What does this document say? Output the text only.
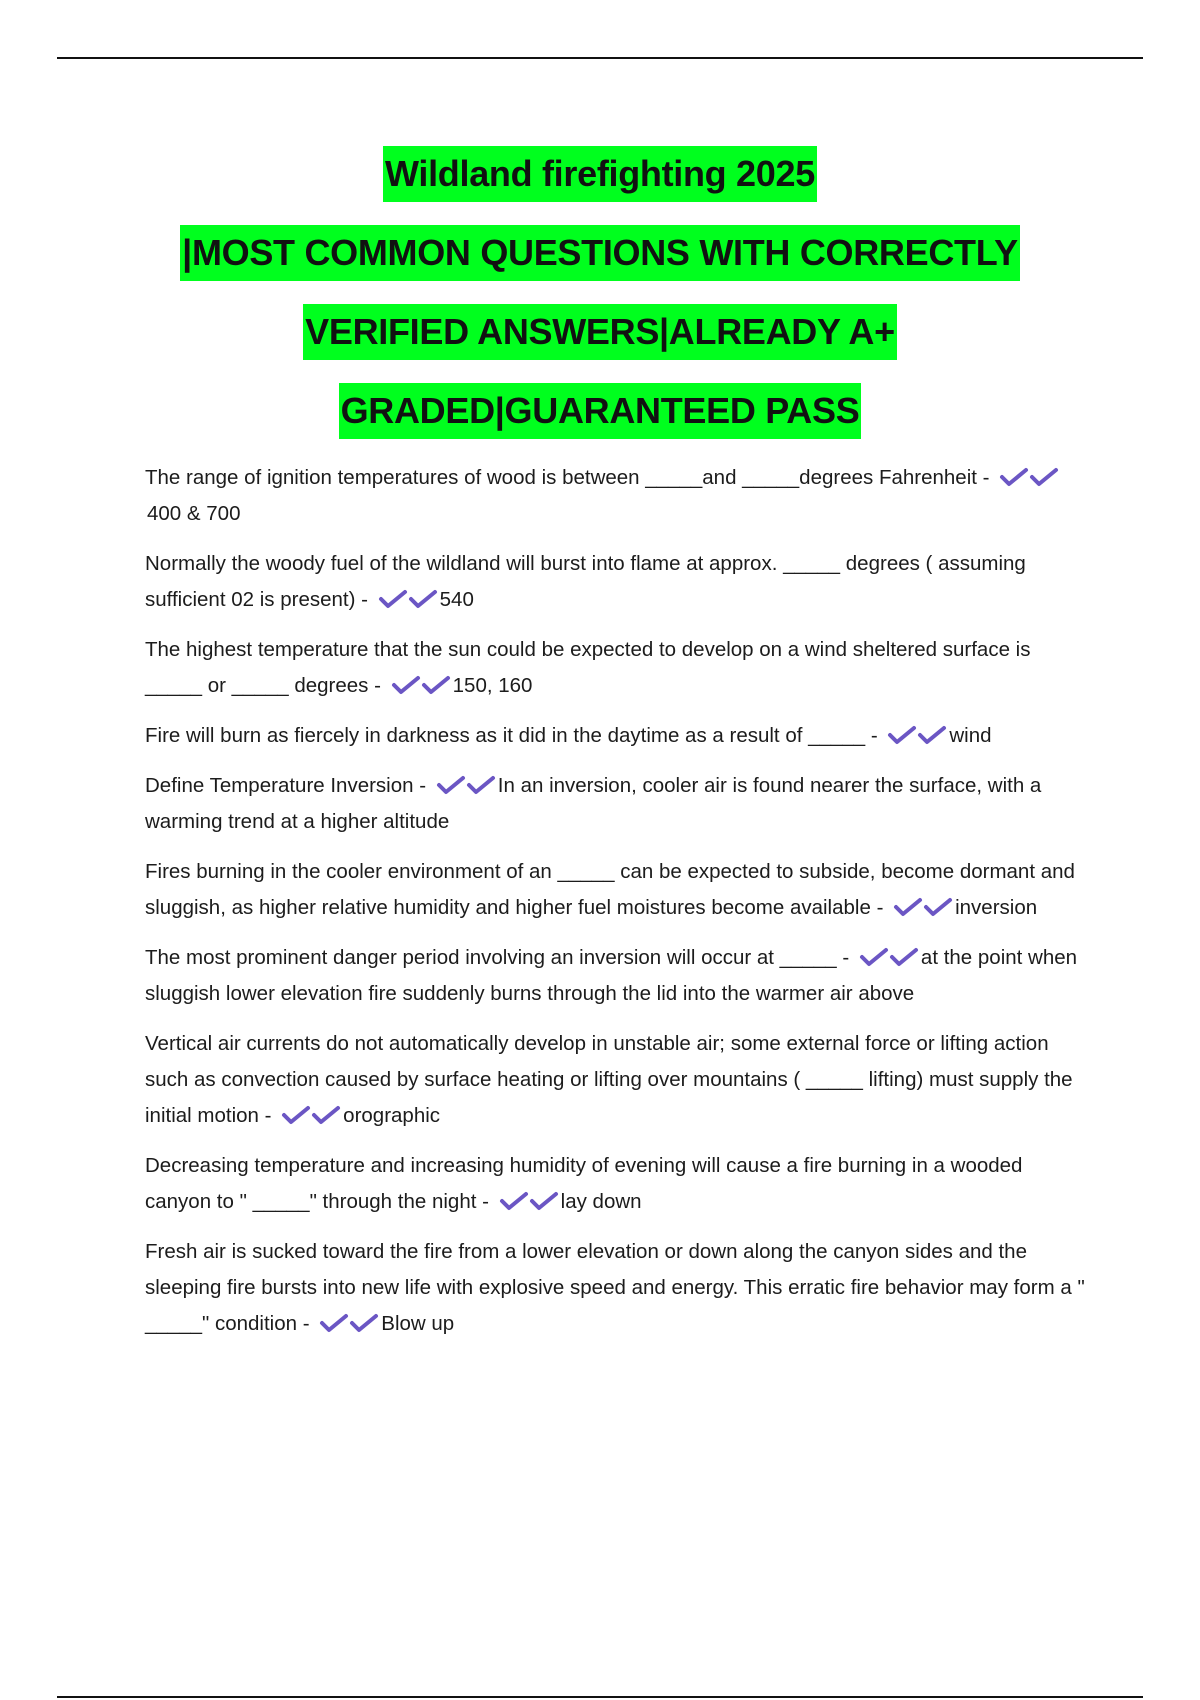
Wildland firefighting 2025
|MOST COMMON QUESTIONS WITH CORRECTLY
VERIFIED ANSWERS|ALREADY A+
GRADED|GUARANTEED PASS
The range of ignition temperatures of wood is between _____and _____degrees Fahrenheit -
400 & 700
Normally the woody fuel of the wildland will burst into flame at approx. _____ degrees ( assuming sufficient 02 is present) -	540
The highest temperature that the sun could be expected to develop on a wind sheltered surface is _____ or _____ degrees -	150, 160
Fire will burn as fiercely in darkness as it did in the daytime as a result of _____ -	wind
Define Temperature Inversion -	In an inversion, cooler air is found nearer the surface, with a warming trend at a higher altitude
Fires burning in the cooler environment of an _____ can be expected to subside, become dormant and sluggish, as higher relative humidity and higher fuel moistures become available -	inversion
The most prominent danger period involving an inversion will occur at _____ -	at the point when sluggish lower elevation fire suddenly burns through the lid into the warmer air above
Vertical air currents do not automatically develop in unstable air; some external force or lifting action such as convection caused by surface heating or lifting over mountains ( _____ lifting) must supply the initial motion -	orographic
Decreasing temperature and increasing humidity of evening will cause a fire burning in a wooded canyon to " _____" through the night -	lay down
Fresh air is sucked toward the fire from a lower elevation or down along the canyon sides and the sleeping fire bursts into new life with explosive speed and energy. This erratic fire behavior may form a " _____" condition -	Blow up
